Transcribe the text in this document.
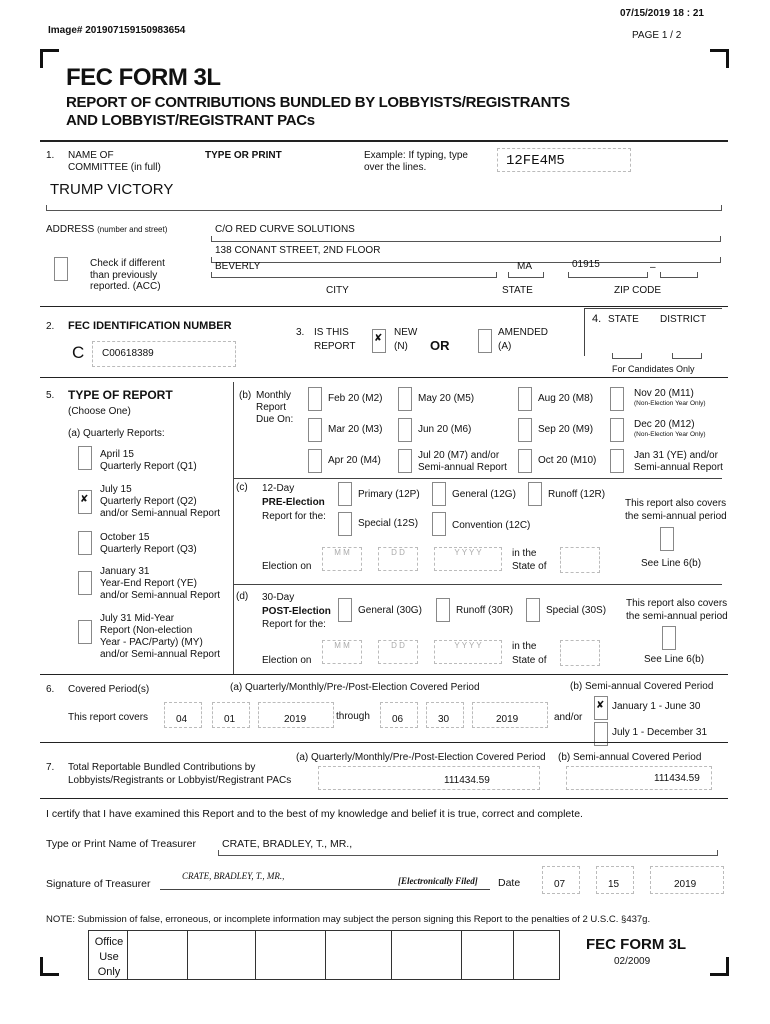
07/15/2019 18 : 21
Image# 201907159150983654	PAGE 1 / 2
FEC FORM 3L
REPORT OF CONTRIBUTIONS BUNDLED BY LOBBYISTS/REGISTRANTS
AND LOBBYIST/REGISTRANT PACs
1. NAME OF
COMMITTEE (in full)
TYPE OR PRINT	Example: If typing, type
over the lines.	12FE4M5
TRUMP VICTORY
ADDRESS (number and street)	C/O RED CURVE SOLUTIONS
138 CONANT STREET, 2ND FLOOR
Check if different
than previously
reported. (ACC)
BEVERLY	MA	01915	–
CITY	STATE	ZIP CODE
2. FEC IDENTIFICATION NUMBER
C C00618389
3. IS THIS
REPORT
✘
NEW
(N) OR
AMENDED
(A)
4. STATE DISTRICT
For Candidates Only
5. TYPE OF REPORT
(Choose One)
(a) Quarterly Reports:
April 15
Quarterly Report (Q1)
✘
July 15
Quarterly Report (Q2)
and/or Semi-annual Report
October 15
Quarterly Report (Q3)
January 31
Year-End Report (YE)
and/or Semi-annual Report
July 31 Mid-Year
Report (Non-election
Year - PAC/Party) (MY)
and/or Semi-annual Report
(b) Monthly
Report
Due On:
Feb 20 (M2)	May 20 (M5)	Aug 20 (M8)	Nov 20 (M11)
(Non-Election Year Only)
Mar 20 (M3)	Jun 20 (M6)	Sep 20 (M9)	Dec 20 (M12)
(Non-Election Year Only)
Apr 20 (M4)	Jul 20 (M7) and/or
Semi-annual Report
Oct 20 (M10)	Jan 31 (YE) and/or
Semi-annual Report
(c) 12-Day
PRE-Election
Report for the:
Primary (12P)	General (12G)	Runoff (12R)
Special (12S)	Convention (12C)
This report also covers
the semi-annual period
Election on
M M	D D	Y Y Y Y	in the
State of	See Line 6(b)
(d) 30-Day
POST-Election
Report for the:
General (30G)	Runoff (30R)	Special (30S)
This report also covers
the semi-annual period
Election on
M M	D D	Y Y Y Y	in the
State of	See Line 6(b)
6. Covered Period(s)	(a) Quarterly/Monthly/Pre-/Post-Election Covered Period	(b) Semi-annual Covered Period
This report covers	04	01	2019	through 06	30	2019	and/or
✘
January 1 - June 30
July 1 - December 31
7. Total Reportable Bundled Contributions by
Lobbyists/Registrants or Lobbyist/Registrant PACs
(a) Quarterly/Monthly/Pre-/Post-Election Covered Period (b) Semi-annual Covered Period
111434.59	111434.59
I certify that I have examined this Report and to the best of my knowledge and belief it is true, correct and complete.
Type or Print Name of Treasurer CRATE, BRADLEY, T., MR.,
Signature of Treasurer
CRATE, BRADLEY, T., MR.,	[Electronically Filed] Date	07	15	2019
NOTE: Submission of false, erroneous, or incomplete information may subject the person signing this Report to the penalties of 2 U.S.C. §437g.
Office
Use
Only
FEC FORM 3L
02/2009
